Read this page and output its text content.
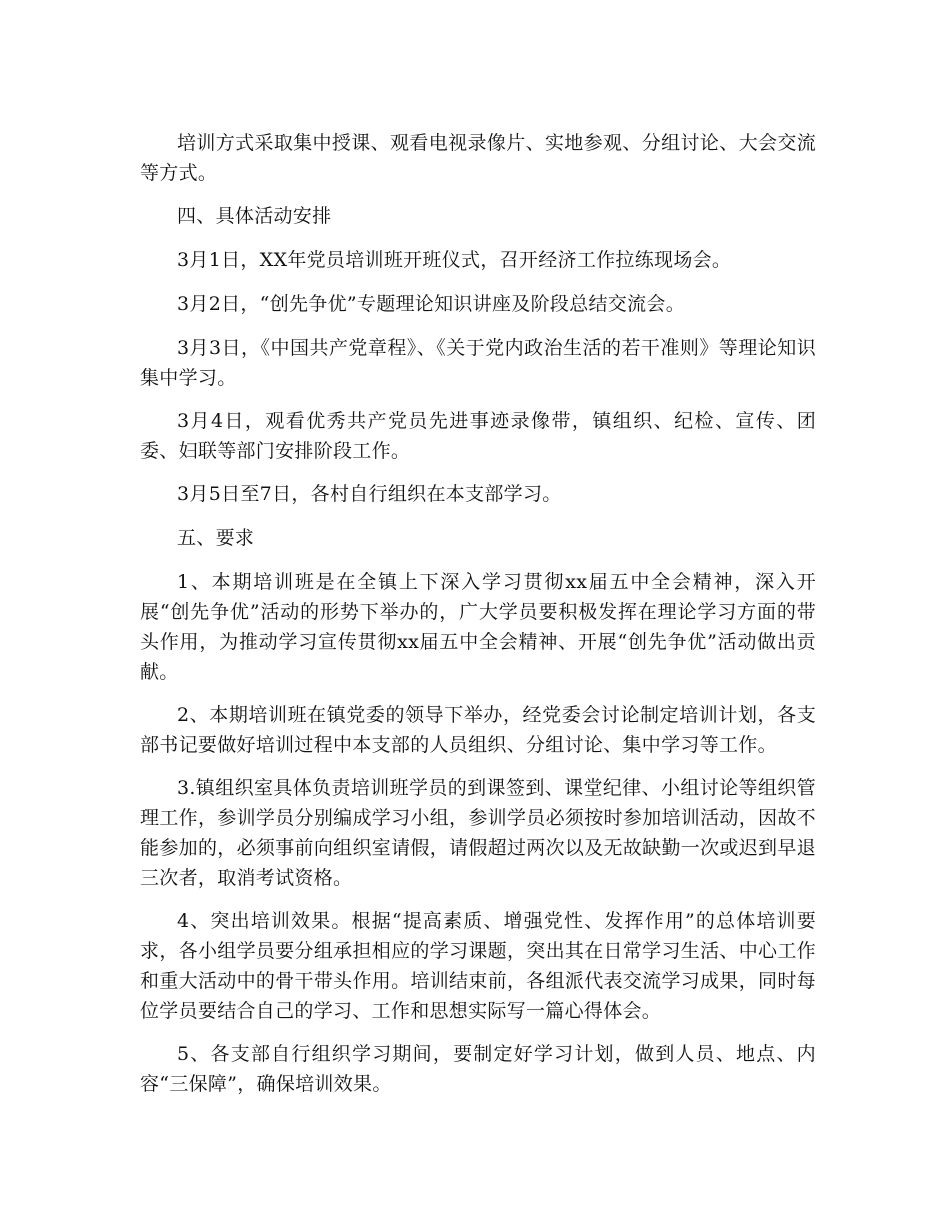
培训方式采取集中授课、观看电视录像片、实地参观、分组讨论、大会交流等方式。

四、具体活动安排

3月1日，XX年党员培训班开班仪式，召开经济工作拉练现场会。

3月2日，“创先争优”专题理论知识讲座及阶段总结交流会。

3月3日，《中国共产党章程》、《关于党内政治生活的若干准则》等理论知识集中学习。

3月4日，观看优秀共产党员先进事迹录像带，镇组织、纪检、宣传、团委、妇联等部门安排阶段工作。

3月5日至7日，各村自行组织在本支部学习。

五、要求

1、本期培训班是在全镇上下深入学习贯彻xx届五中全会精神，深入开展“创先争优”活动的形势下举办的，广大学员要积极发挥在理论学习方面的带头作用，为推动学习宣传贯彻xx届五中全会精神、开展“创先争优”活动做出贡献。

2、本期培训班在镇党委的领导下举办，经党委会讨论制定培训计划，各支部书记要做好培训过程中本支部的人员组织、分组讨论、集中学习等工作。

3.镇组织室具体负责培训班学员的到课签到、课堂纪律、小组讨论等组织管理工作，参训学员分别编成学习小组，参训学员必须按时参加培训活动，因故不能参加的，必须事前向组织室请假，请假超过两次以及无故缺勤一次或迟到早退三次者，取消考试资格。

4、突出培训效果。根据“提高素质、增强党性、发挥作用”的总体培训要求，各小组学员要分组承担相应的学习课题，突出其在日常学习生活、中心工作和重大活动中的骨干带头作用。培训结束前，各组派代表交流学习成果，同时每位学员要结合自己的学习、工作和思想实际写一篇心得体会。

5、各支部自行组织学习期间，要制定好学习计划，做到人员、地点、内容“三保障”，确保培训效果。
